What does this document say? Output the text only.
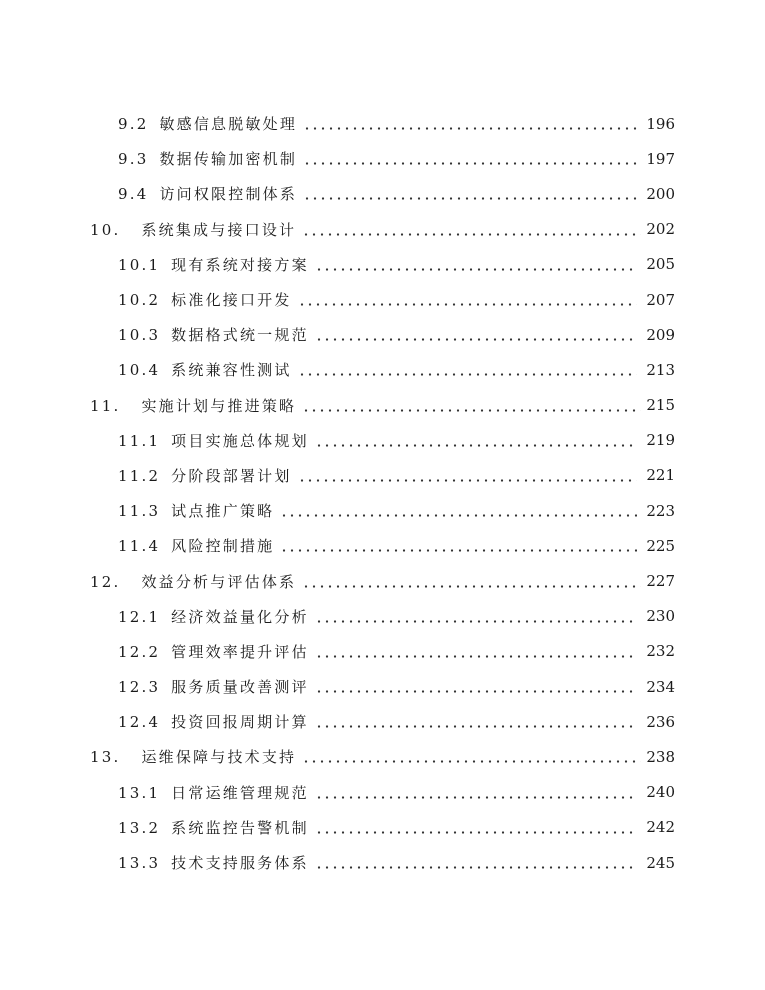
9.2 敏感信息脱敏处理	196
9.3 数据传输加密机制	197
9.4 访问权限控制体系	200
10. 系统集成与接口设计	202
10.1 现有系统对接方案	205
10.2 标准化接口开发	207
10.3 数据格式统一规范	209
10.4 系统兼容性测试	213
11. 实施计划与推进策略	215
11.1 项目实施总体规划	219
11.2 分阶段部署计划	221
11.3 试点推广策略	223
11.4 风险控制措施	225
12. 效益分析与评估体系	227
12.1 经济效益量化分析	230
12.2 管理效率提升评估	232
12.3 服务质量改善测评	234
12.4 投资回报周期计算	236
13. 运维保障与技术支持	238
13.1 日常运维管理规范	240
13.2 系统监控告警机制	242
13.3 技术支持服务体系	245
